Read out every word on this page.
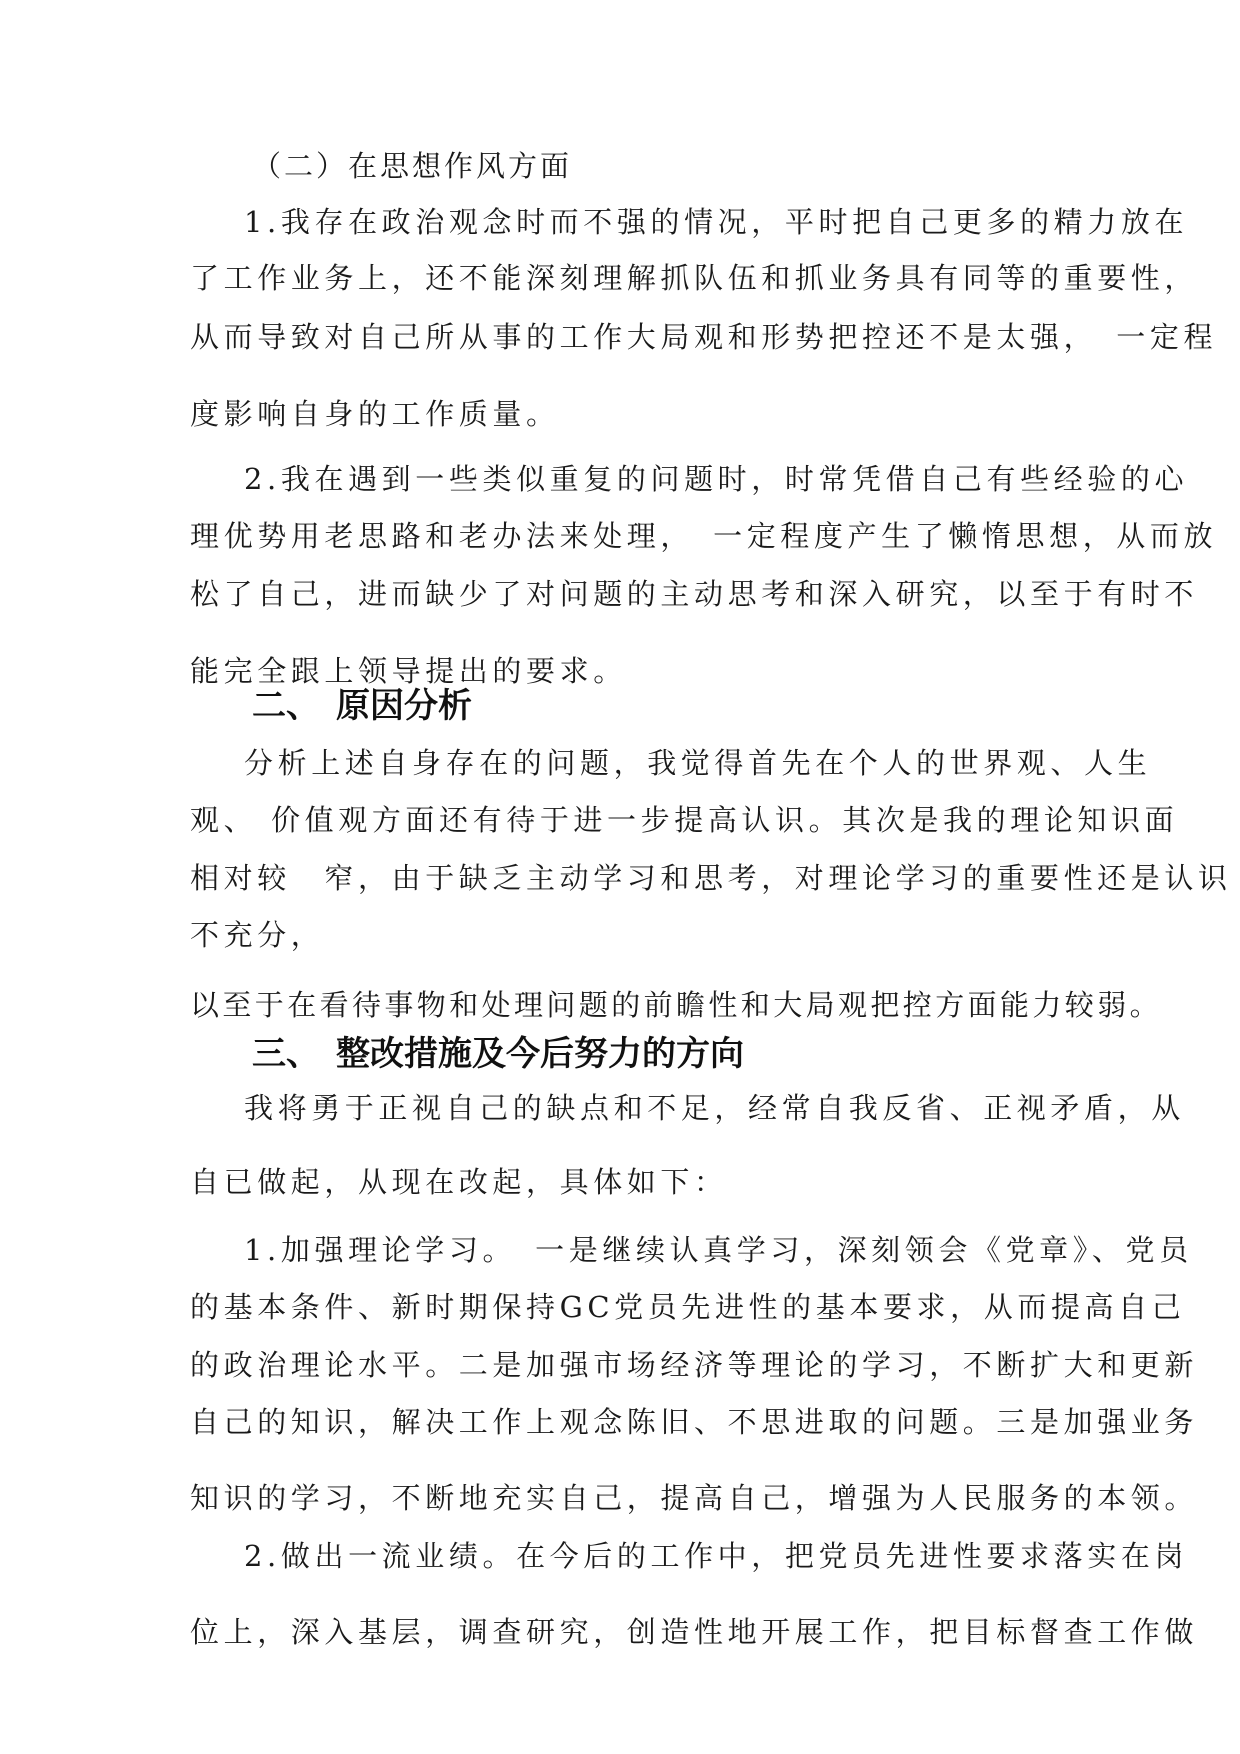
（二）在思想作风方面
1.我存在政治观念时而不强的情况，平时把自己更多的精力放在
了工作业务上，还不能深刻理解抓队伍和抓业务具有同等的重要性，
从而导致对自己所从事的工作大局观和形势把控还不是太强，　一定程
度影响自身的工作质量。
2.我在遇到一些类似重复的问题时，时常凭借自己有些经验的心
理优势用老思路和老办法来处理，　一定程度产生了懒惰思想，从而放
松了自己，进而缺少了对问题的主动思考和深入研究，以至于有时不
能完全跟上领导提出的要求。
二、 原因分析
分析上述自身存在的问题，我觉得首先在个人的世界观、人生
观、 价值观方面还有待于进一步提高认识。其次是我的理论知识面
相对较　窄，由于缺乏主动学习和思考，对理论学习的重要性还是认识
不充分，
以至于在看待事物和处理问题的前瞻性和大局观把控方面能力较弱。
三、 整改措施及今后努力的方向
我将勇于正视自己的缺点和不足，经常自我反省、正视矛盾，从
自已做起，从现在改起，具体如下：
1.加强理论学习。　一是继续认真学习，深刻领会《党章》、党员
的基本条件、新时期保持GC党员先进性的基本要求，从而提高自己
的政治理论水平。二是加强市场经济等理论的学习，不断扩大和更新
自己的知识，解决工作上观念陈旧、不思进取的问题。三是加强业务
知识的学习，不断地充实自己，提高自己，增强为人民服务的本领。
2.做出一流业绩。在今后的工作中，把党员先进性要求落实在岗
位上，深入基层，调查研究，创造性地开展工作，把目标督查工作做
